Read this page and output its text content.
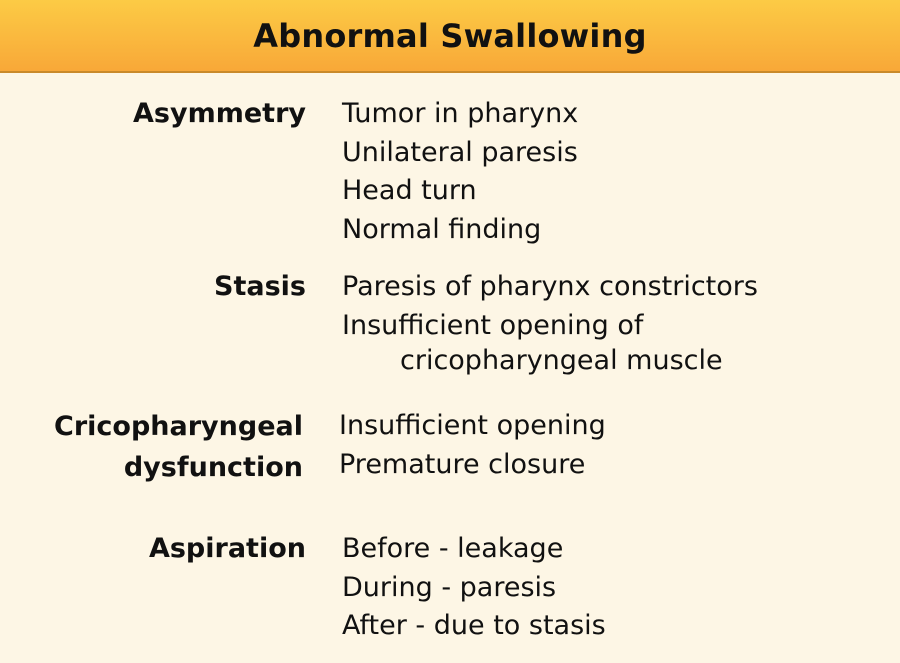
Abnormal Swallowing
Asymmetry Tumor in pharynx
Unilateral paresis
Head turn
Normal finding
Stasis Paresis of pharynx constrictors
Insufficient opening of
cricopharyngeal muscle
Cricopharyngeal
dysfunction
Insufficient opening
Premature closure
Aspiration Before - leakage
During - paresis
After - due to stasis
